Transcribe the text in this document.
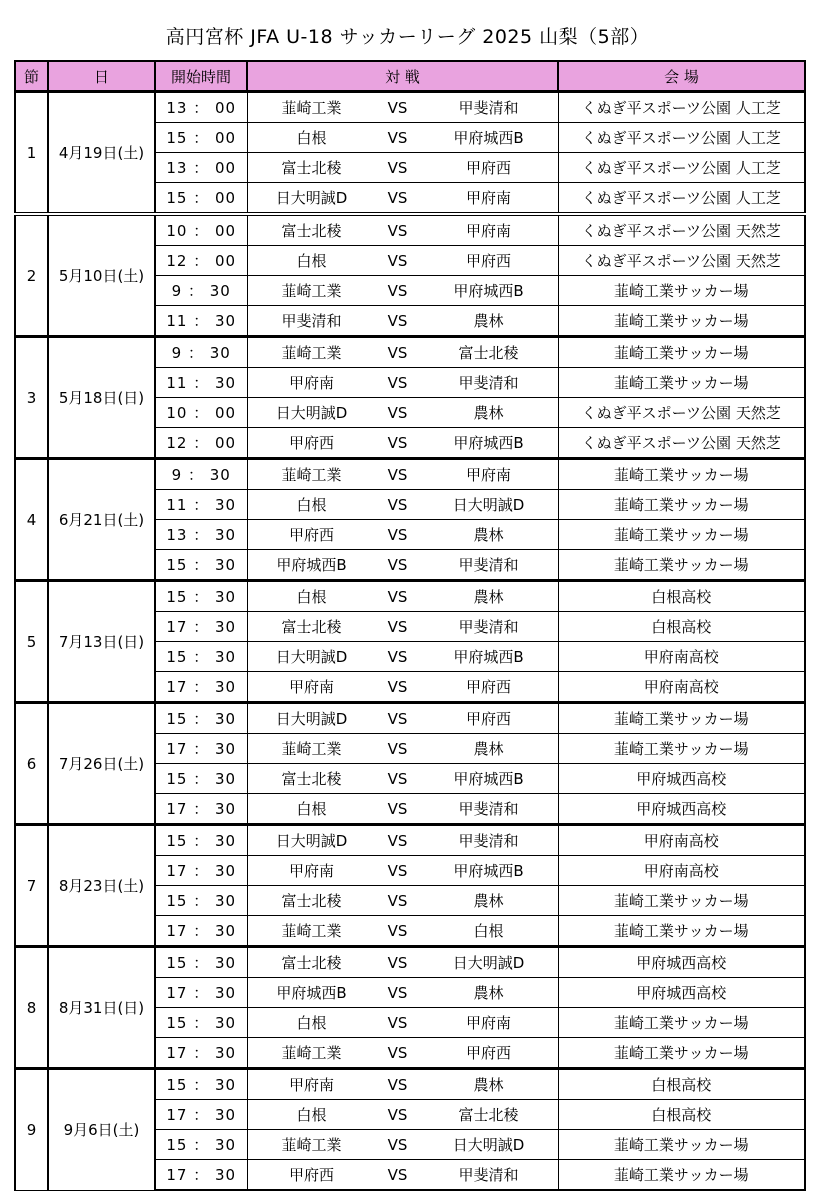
高円宮杯 JFA U-18 サッカーリーグ 2025 山梨（5部）
節	日	開始時間	対 戦	会 場
1	4月19日(土)	13 ： 00	韮崎工業 VS 甲斐清和	くぬぎ平スポーツ公園 人工芝
		15 ： 00	白根 VS 甲府城西B	くぬぎ平スポーツ公園 人工芝
		13 ： 00	富士北稜 VS 甲府西	くぬぎ平スポーツ公園 人工芝
		15 ： 00	日大明誠D VS 甲府南	くぬぎ平スポーツ公園 人工芝
2	5月10日(土)	10 ： 00	富士北稜 VS 甲府南	くぬぎ平スポーツ公園 天然芝
		12 ： 00	白根 VS 甲府西	くぬぎ平スポーツ公園 天然芝
		9 ： 30	韮崎工業 VS 甲府城西B	韮崎工業サッカー場
		11 ： 30	甲斐清和 VS 農林	韮崎工業サッカー場
3	5月18日(日)	9 ： 30	韮崎工業 VS 富士北稜	韮崎工業サッカー場
		11 ： 30	甲府南 VS 甲斐清和	韮崎工業サッカー場
		10 ： 00	日大明誠D VS 農林	くぬぎ平スポーツ公園 天然芝
		12 ： 00	甲府西 VS 甲府城西B	くぬぎ平スポーツ公園 天然芝
4	6月21日(土)	9 ： 30	韮崎工業 VS 甲府南	韮崎工業サッカー場
		11 ： 30	白根 VS 日大明誠D	韮崎工業サッカー場
		13 ： 30	甲府西 VS 農林	韮崎工業サッカー場
		15 ： 30	甲府城西B VS 甲斐清和	韮崎工業サッカー場
5	7月13日(日)	15 ： 30	白根 VS 農林	白根高校
		17 ： 30	富士北稜 VS 甲斐清和	白根高校
		15 ： 30	日大明誠D VS 甲府城西B	甲府南高校
		17 ： 30	甲府南 VS 甲府西	甲府南高校
6	7月26日(土)	15 ： 30	日大明誠D VS 甲府西	韮崎工業サッカー場
		17 ： 30	韮崎工業 VS 農林	韮崎工業サッカー場
		15 ： 30	富士北稜 VS 甲府城西B	甲府城西高校
		17 ： 30	白根 VS 甲斐清和	甲府城西高校
7	8月23日(土)	15 ： 30	日大明誠D VS 甲斐清和	甲府南高校
		17 ： 30	甲府南 VS 甲府城西B	甲府南高校
		15 ： 30	富士北稜 VS 農林	韮崎工業サッカー場
		17 ： 30	韮崎工業 VS 白根	韮崎工業サッカー場
8	8月31日(日)	15 ： 30	富士北稜 VS 日大明誠D	甲府城西高校
		17 ： 30	甲府城西B VS 農林	甲府城西高校
		15 ： 30	白根 VS 甲府南	韮崎工業サッカー場
		17 ： 30	韮崎工業 VS 甲府西	韮崎工業サッカー場
9	9月6日(土)	15 ： 30	甲府南 VS 農林	白根高校
		17 ： 30	白根 VS 富士北稜	白根高校
		15 ： 30	韮崎工業 VS 日大明誠D	韮崎工業サッカー場
		17 ： 30	甲府西 VS 甲斐清和	韮崎工業サッカー場
